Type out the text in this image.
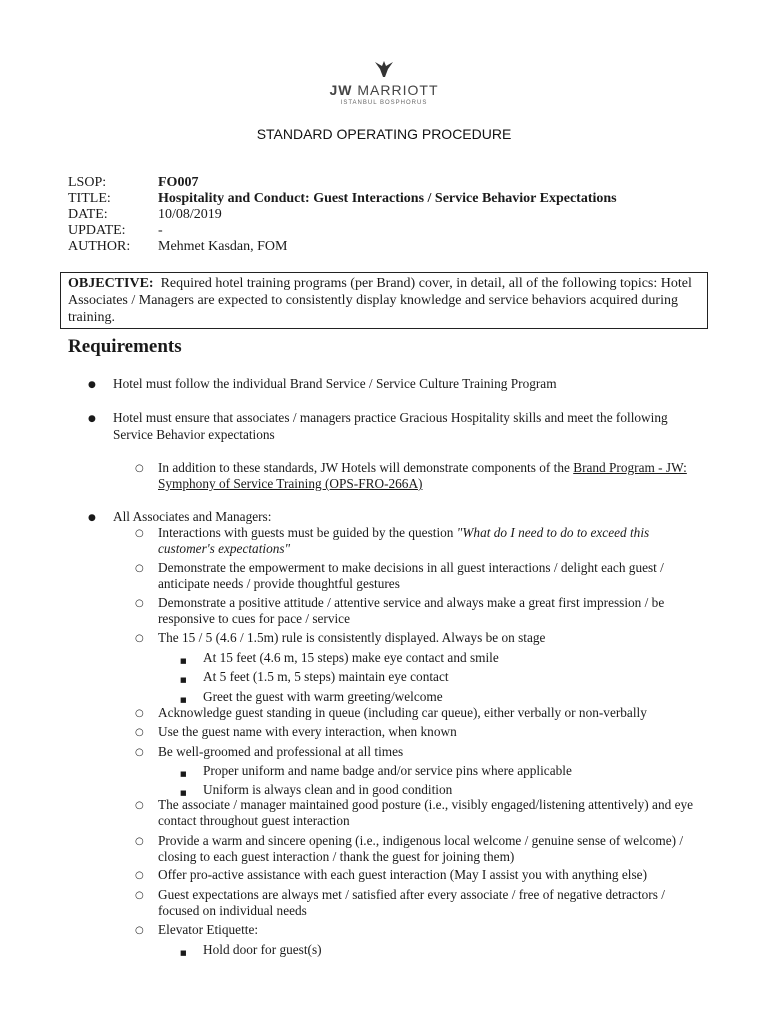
JW MARRIOTT
ISTANBUL BOSPHORUS
STANDARD OPERATING PROCEDURE
LSOP:	FO007
TITLE:	Hospitality and Conduct: Guest Interactions / Service Behavior Expectations
DATE:	10/08/2019
UPDATE: -
AUTHOR: Mehmet Kasdan, FOM
OBJECTIVE: Required hotel training programs (per Brand) cover, in detail, all of the following topics: Hotel Associates / Managers are expected to consistently display knowledge and service behaviors acquired during training.
Requirements
● Hotel must follow the individual Brand Service / Service Culture Training Program
● Hotel must ensure that associates / managers practice Gracious Hospitality skills and meet the following
Service Behavior expectations
○ In addition to these standards, JW Hotels will demonstrate components of the Brand Program - JW:
Symphony of Service Training (OPS-FRO-266A)
● All Associates and Managers:
○ Interactions with guests must be guided by the question "What do I need to do to exceed this
customer's expectations"
○ Demonstrate the empowerment to make decisions in all guest interactions / delight each guest /
anticipate needs / provide thoughtful gestures
○ Demonstrate a positive attitude / attentive service and always make a great first impression / be
responsive to cues for pace / service
○ The 15 / 5 (4.6 / 1.5m) rule is consistently displayed. Always be on stage
■ At 15 feet (4.6 m, 15 steps) make eye contact and smile
■ At 5 feet (1.5 m, 5 steps) maintain eye contact
■ Greet the guest with warm greeting/welcome
○ Acknowledge guest standing in queue (including car queue), either verbally or non-verbally
○ Use the guest name with every interaction, when known
○ Be well-groomed and professional at all times
■ Proper uniform and name badge and/or service pins where applicable
■ Uniform is always clean and in good condition
○ The associate / manager maintained good posture (i.e., visibly engaged/listening attentively) and eye
contact throughout guest interaction
○ Provide a warm and sincere opening (i.e., indigenous local welcome / genuine sense of welcome) /
closing to each guest interaction / thank the guest for joining them)
○ Offer pro-active assistance with each guest interaction (May I assist you with anything else)
○ Guest expectations are always met / satisfied after every associate / free of negative detractors /
focused on individual needs
○ Elevator Etiquette:
■ Hold door for guest(s)
